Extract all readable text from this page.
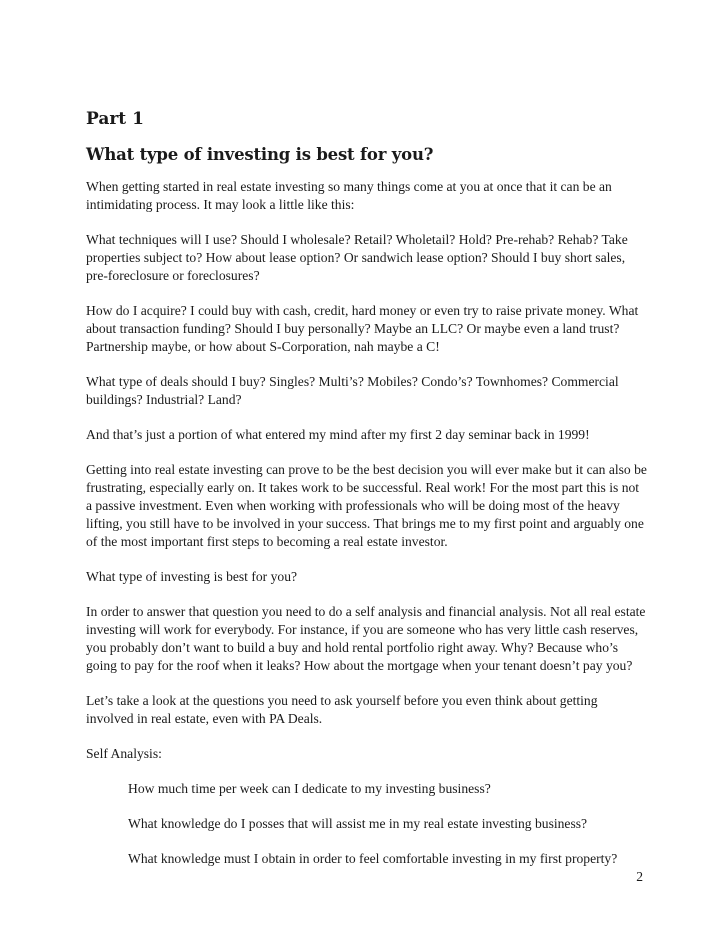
Part 1
What type of investing is best for you?

When getting started in real estate investing so many things come at you at once that it can be an intimidating process. It may look a little like this:

What techniques will I use? Should I wholesale? Retail? Wholetail? Hold? Pre-rehab? Rehab? Take properties subject to? How about lease option? Or sandwich lease option? Should I buy short sales, pre-foreclosure or foreclosures?

How do I acquire? I could buy with cash, credit, hard money or even try to raise private money. What about transaction funding? Should I buy personally? Maybe an LLC? Or maybe even a land trust? Partnership maybe, or how about S-Corporation, nah maybe a C!

What type of deals should I buy? Singles? Multi’s? Mobiles? Condo’s? Townhomes? Commercial buildings? Industrial? Land?

And that’s just a portion of what entered my mind after my first 2 day seminar back in 1999!

Getting into real estate investing can prove to be the best decision you will ever make but it can also be frustrating, especially early on. It takes work to be successful. Real work! For the most part this is not a passive investment. Even when working with professionals who will be doing most of the heavy lifting, you still have to be involved in your success. That brings me to my first point and arguably one of the most important first steps to becoming a real estate investor.

What type of investing is best for you?

In order to answer that question you need to do a self analysis and financial analysis. Not all real estate investing will work for everybody. For instance, if you are someone who has very little cash reserves, you probably don’t want to build a buy and hold rental portfolio right away. Why? Because who’s going to pay for the roof when it leaks? How about the mortgage when your tenant doesn’t pay you?

Let’s take a look at the questions you need to ask yourself before you even think about getting involved in real estate, even with PA Deals.

Self Analysis:

How much time per week can I dedicate to my investing business?

What knowledge do I posses that will assist me in my real estate investing business?

What knowledge must I obtain in order to feel comfortable investing in my first property?

2
